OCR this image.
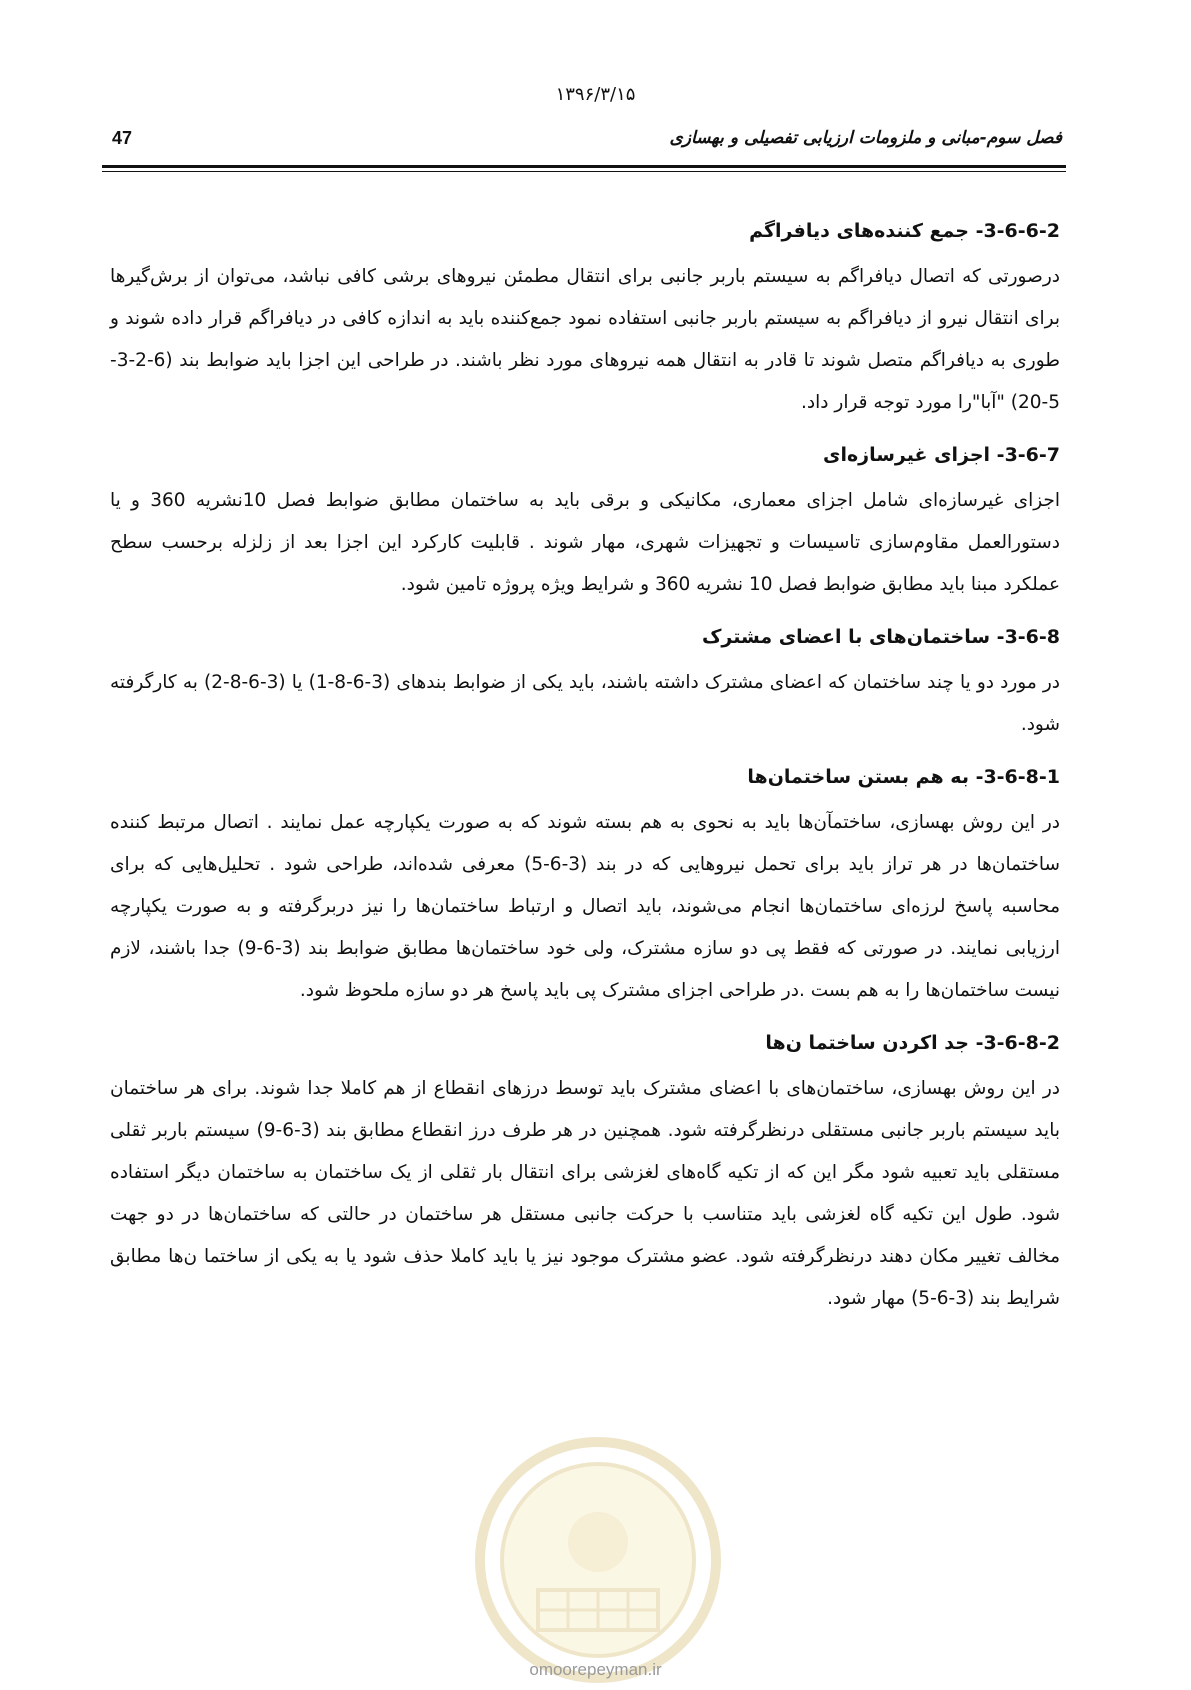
۱۳۹۶/۳/۱۵
فصل سوم-مبانی و ملزومات ارزیابی تفصیلی و بهسازی
47
3-6-6-2- جمع کننده‌های دیافراگم

درصورتی که اتصال دیافراگم به سیستم باربر جانبی برای انتقال مطمئن نیروهای برشی کافی نباشد، می‌توان از برش‌گیرها برای انتقال نیرو از دیافراگم به سیستم باربر جانبی استفاده نمود جمع‌کننده باید به اندازه کافی در دیافراگم قرار داده شوند و طوری به دیافراگم متصل شوند تا قادر به انتقال همه نیروهای مورد نظر باشند. در طراحی این اجزا باید ضوابط بند (6-2-3-5-20) "آبا"را مورد توجه قرار داد.

3-6-7- اجزای غیرسازه‌ای

اجزای غیرسازه‌ای شامل اجزای معماری، مکانیکی و برقی باید به ساختمان مطابق ضوابط فصل 10نشریه 360 و یا دستورالعمل مقاوم‌سازی تاسیسات و تجهیزات شهری، مهار شوند . قابلیت کارکرد این اجزا بعد از زلزله برحسب سطح عملکرد مبنا باید مطابق ضوابط فصل 10 نشریه 360 و شرایط ویژه پروژه تامین شود.

3-6-8- ساختمان‌های با اعضای مشترک

در مورد دو یا چند ساختمان که اعضای مشترک داشته باشند، باید یکی از ضوابط بندهای (3-6-8-1) یا (3-6-8-2) به کارگرفته شود.

3-6-8-1- به هم بستن ساختمان‌ها

در این روش بهسازی، ساختمآن‌ها باید به نحوی به هم بسته شوند که به صورت یکپارچه عمل نمایند . اتصال مرتبط کننده ساختمان‌ها در هر تراز باید برای تحمل نیروهایی که در بند (3-6-5) معرفی شده‌اند، طراحی شود . تحلیل‌هایی که برای محاسبه پاسخ لرزه‌ای ساختمان‌ها انجام می‌شوند، باید اتصال و ارتباط ساختمان‌ها را نیز دربرگرفته و به صورت یکپارچه ارزیابی نمایند. در صورتی که فقط پی دو سازه مشترک، ولی خود ساختمان‌ها مطابق ضوابط بند (3-6-9) جدا باشند، لازم نیست ساختمان‌ها را به هم بست .در طراحی اجزای مشترک پی باید پاسخ هر دو سازه ملحوظ شود.

3-6-8-2- جد اکردن ساختما ن‌ها

در این روش بهسازی، ساختمان‌های با اعضای مشترک باید توسط درزهای انقطاع از هم کاملا جدا شوند. برای هر ساختمان باید سیستم باربر جانبی مستقلی درنظرگرفته شود. همچنین در هر طرف درز انقطاع مطابق بند (3-6-9) سیستم باربر ثقلی مستقلی باید تعبیه شود مگر این که از تکیه گاه‌های لغزشی برای انتقال بار ثقلی از یک ساختمان به ساختمان دیگر استفاده شود. طول این تکیه گاه لغزشی باید متناسب با حرکت جانبی مستقل هر ساختمان در حالتی که ساختمان‌ها در دو جهت مخالف تغییر مکان دهند درنظرگرفته شود. عضو مشترک موجود نیز یا باید کاملا حذف شود یا به یکی از ساختما ن‌ها مطابق شرایط بند (3-6-5) مهار شود.

omoorepeyman.ir
